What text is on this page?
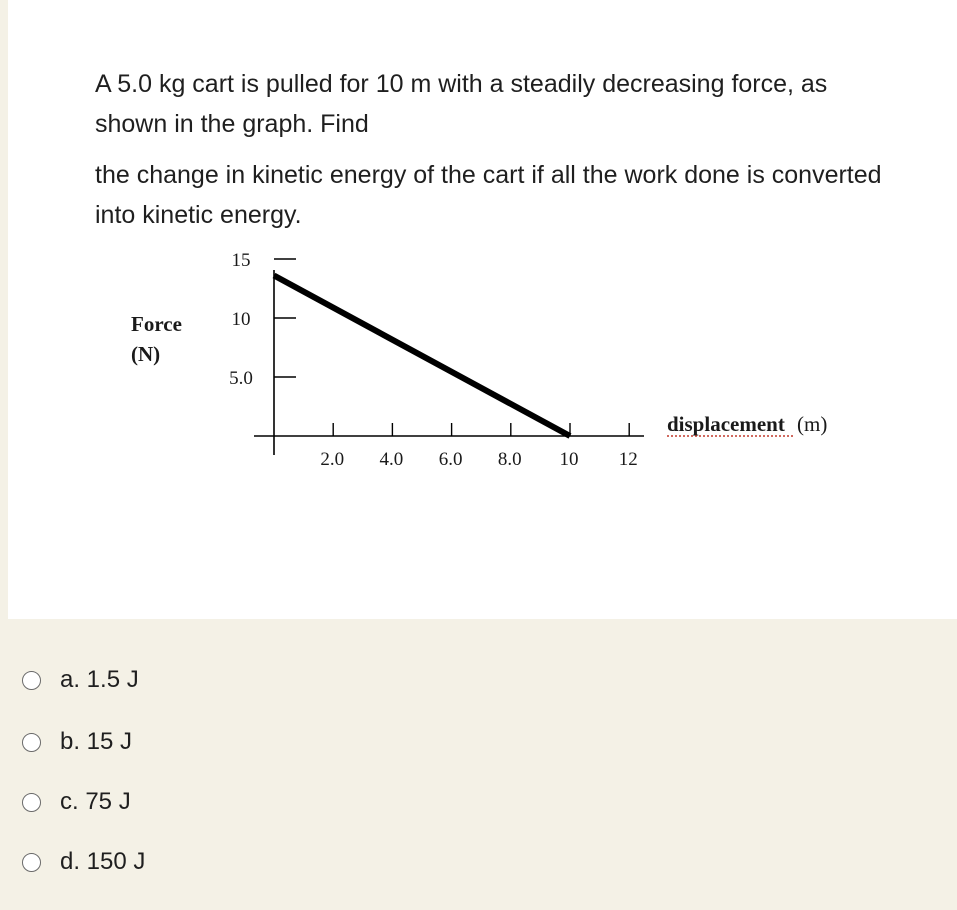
A 5.0 kg cart is pulled for 10 m with a steadily decreasing force, as shown in the graph. Find

the change in kinetic energy of the cart if all the work done is converted into kinetic energy.

Force
(N)
15
10
5.0
2.0 4.0 6.0 8.0 10 12
displacement (m)
a. 1.5 J
b. 15 J
c. 75 J
d. 150 J
